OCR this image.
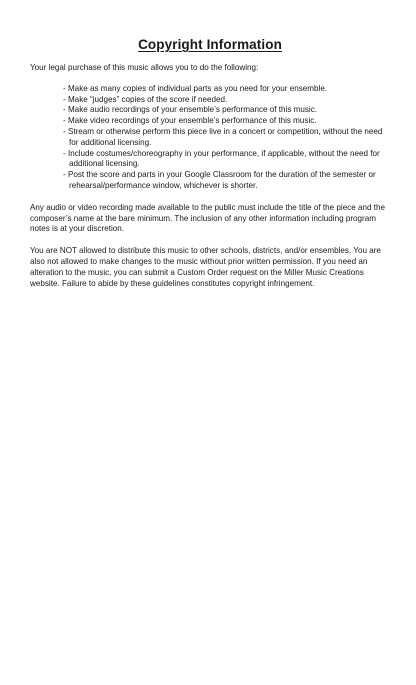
Copyright Information

Your legal purchase of this music allows you to do the following:

- Make as many copies of individual parts as you need for your ensemble.
- Make “judges” copies of the score if needed.
- Make audio recordings of your ensemble’s performance of this music.
- Make video recordings of your ensemble’s performance of this music.
- Stream or otherwise perform this piece live in a concert or competition, without the need for additional licensing.
- Include costumes/choreography in your performance, if applicable, without the need for additional licensing.
- Post the score and parts in your Google Classroom for the duration of the semester or rehearsal/performance window, whichever is shorter.

Any audio or video recording made available to the public must include the title of the piece and the composer’s name at the bare minimum. The inclusion of any other information including program notes is at your discretion.

You are NOT allowed to distribute this music to other schools, districts, and/or ensembles. You are also not allowed to make changes to the music without prior written permission. If you need an alteration to the music, you can submit a Custom Order request on the Miller Music Creations website. Failure to abide by these guidelines constitutes copyright infringement.
